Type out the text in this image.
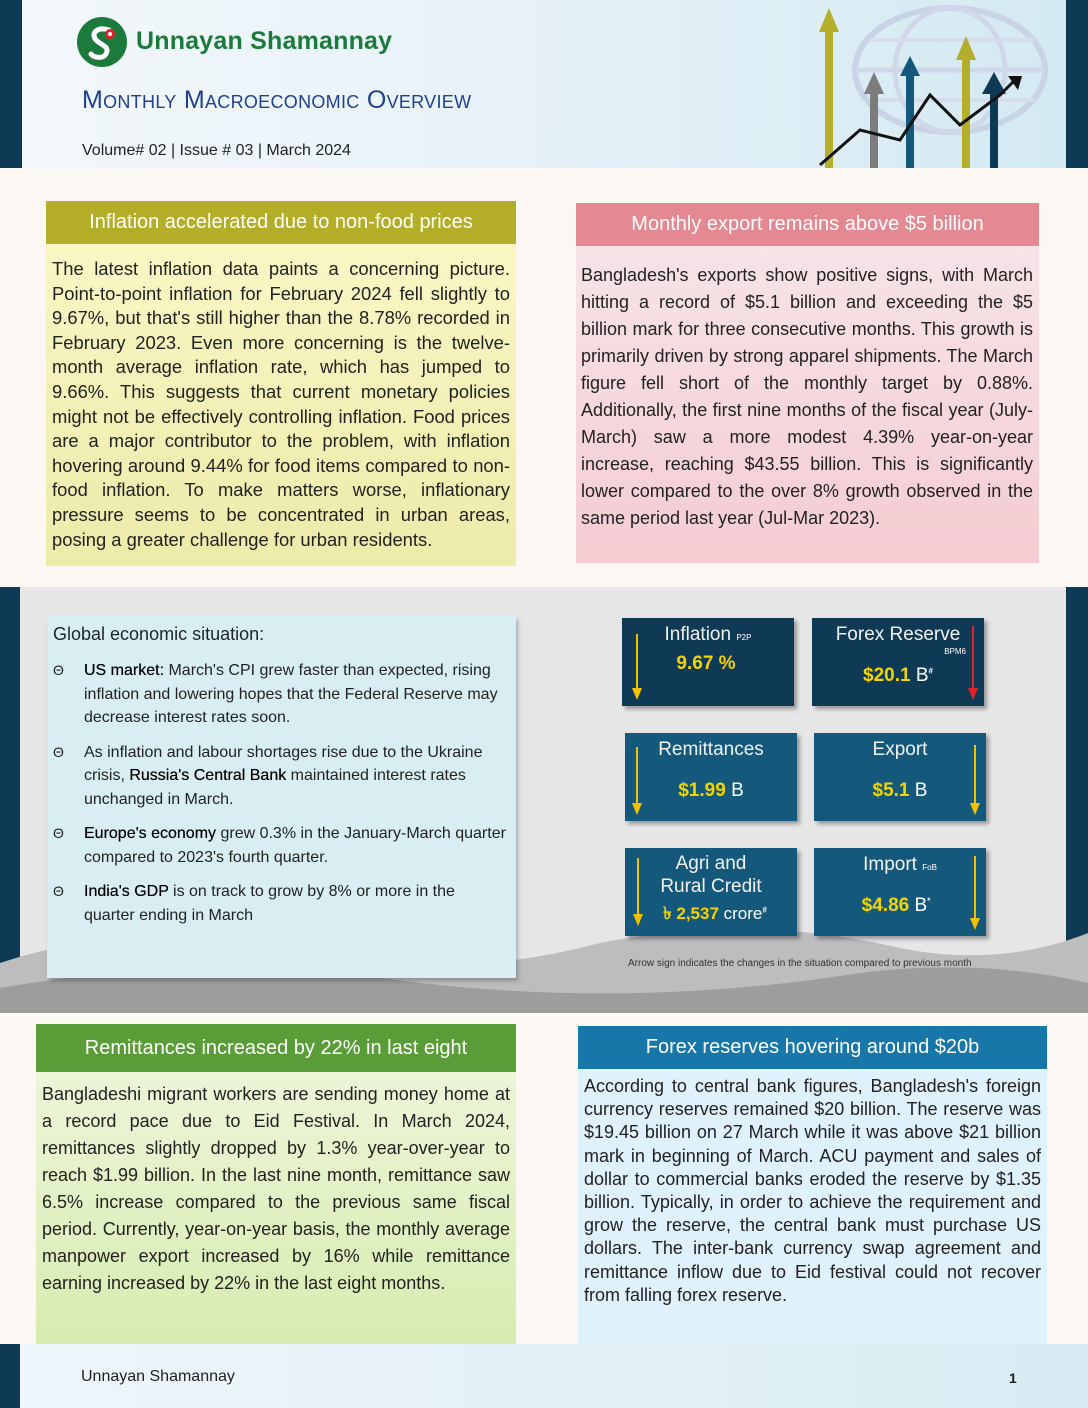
Unnayan Shamannay
Monthly Macroeconomic Overview
Volume# 02 | Issue # 03 | March 2024
Inflation accelerated due to non-food prices
The latest inflation data paints a concerning picture. Point-to-point inflation for February 2024 fell slightly to 9.67%, but that's still higher than the 8.78% recorded in February 2023. Even more concerning is the twelve-month average inflation rate, which has jumped to 9.66%. This suggests that current monetary policies might not be effectively controlling inflation. Food prices are a major contributor to the problem, with inflation hovering around 9.44% for food items compared to non-food inflation. To make matters worse, inflationary pressure seems to be concentrated in urban areas, posing a greater challenge for urban residents.
Monthly export remains above $5 billion
Bangladesh's exports show positive signs, with March hitting a record of $5.1 billion and exceeding the $5 billion mark for three consecutive months. This growth is primarily driven by strong apparel shipments. The March figure fell short of the monthly target by 0.88%. Additionally, the first nine months of the fiscal year (July-March) saw a more modest 4.39% year-on-year increase, reaching $43.55 billion. This is significantly lower compared to the over 8% growth observed in the same period last year (Jul-Mar 2023).
Global economic situation:
Θ US market: March's CPI grew faster than expected, rising inflation and lowering hopes that the Federal Reserve may decrease interest rates soon.
Θ As inflation and labour shortages rise due to the Ukraine crisis, Russia's Central Bank maintained interest rates unchanged in March.
Θ Europe's economy grew 0.3% in the January-March quarter compared to 2023's fourth quarter.
Θ India's GDP is on track to grow by 8% or more in the quarter ending in March
Inflation P2P
9.67 %
Forex Reserve
BPM6
$20.1 B#
Remittances
$1.99 B
Export
$5.1 B
Agri and Rural Credit
৳ 2,537 crore#
Import FoB
$4.86 B*
Arrow sign indicates the changes in the situation compared to previous month
Remittances increased by 22% in last eight
Bangladeshi migrant workers are sending money home at a record pace due to Eid Festival. In March 2024, remittances slightly dropped by 1.3% year-over-year to reach $1.99 billion. In the last nine month, remittance saw 6.5% increase compared to the previous same fiscal period. Currently, year-on-year basis, the monthly average manpower export increased by 16% while remittance earning increased by 22% in the last eight months.
Forex reserves hovering around $20b
According to central bank figures, Bangladesh's foreign currency reserves remained $20 billion. The reserve was $19.45 billion on 27 March while it was above $21 billion mark in beginning of March. ACU payment and sales of dollar to commercial banks eroded the reserve by $1.35 billion. Typically, in order to achieve the requirement and grow the reserve, the central bank must purchase US dollars. The inter-bank currency swap agreement and remittance inflow due to Eid festival could not recover from falling forex reserve.
Unnayan Shamannay	1
